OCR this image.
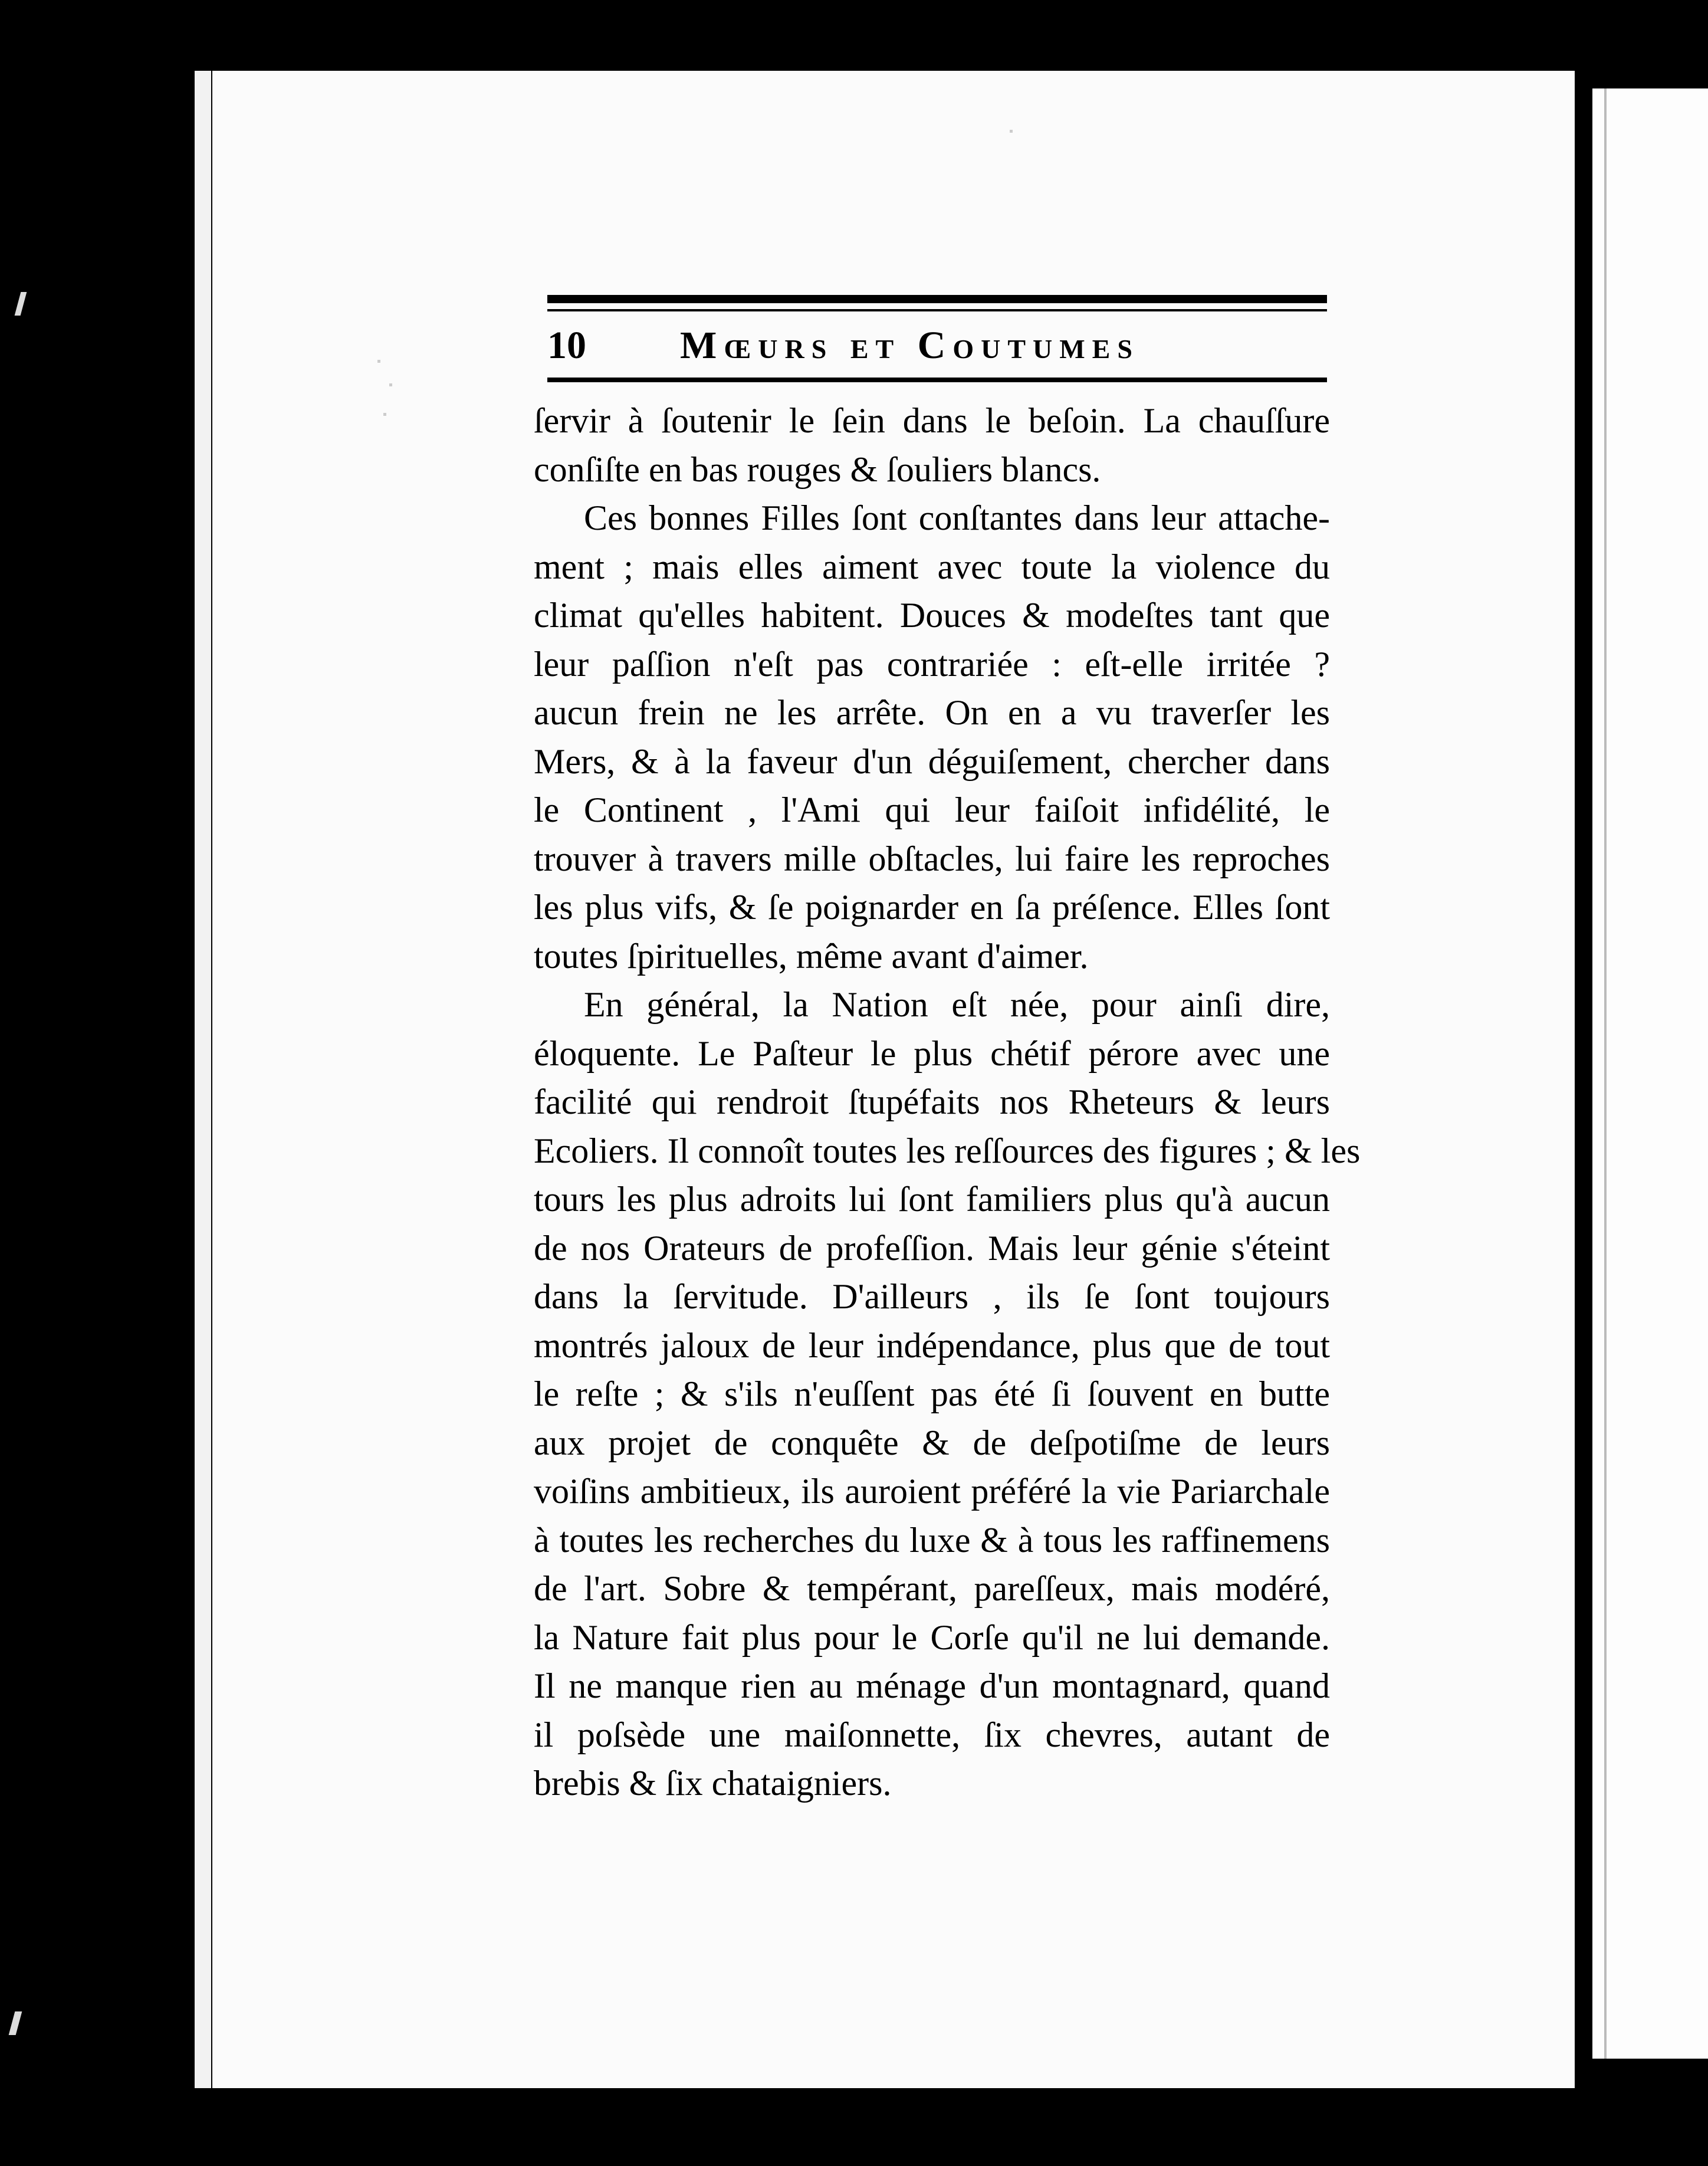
10 Mœurs et Coutumes
ſervir à ſoutenir le ſein dans le beſoin. La chauſſure
conſiſte en bas rouges & ſouliers blancs.
Ces bonnes Filles ſont conſtantes dans leur attache-
ment ; mais elles aiment avec toute la violence du
climat qu'elles habitent. Douces & modeſtes tant que
leur paſſion n'eſt pas contrariée : eſt-elle irritée ?
aucun frein ne les arrête. On en a vu traverſer les
Mers, & à la faveur d'un déguiſement, chercher dans
le Continent , l'Ami qui leur faiſoit infidélité, le
trouver à travers mille obſtacles, lui faire les reproches
les plus vifs, & ſe poignarder en ſa préſence. Elles ſont
toutes ſpirituelles, même avant d'aimer.
En général, la Nation eſt née, pour ainſi dire,
éloquente. Le Paſteur le plus chétif pérore avec une
facilité qui rendroit ſtupéfaits nos Rheteurs & leurs
Ecoliers. Il connoît toutes les reſſources des figures ; & les
tours les plus adroits lui ſont familiers plus qu'à aucun
de nos Orateurs de profeſſion. Mais leur génie s'éteint
dans la ſervitude. D'ailleurs , ils ſe ſont toujours
montrés jaloux de leur indépendance, plus que de tout
le reſte ; & s'ils n'euſſent pas été ſi ſouvent en butte
aux projet de conquête & de deſpotiſme de leurs
voiſins ambitieux, ils auroient préféré la vie Pariarchale
à toutes les recherches du luxe & à tous les raffinemens
de l'art. Sobre & tempérant, pareſſeux, mais modéré,
la Nature fait plus pour le Corſe qu'il ne lui demande.
Il ne manque rien au ménage d'un montagnard, quand
il poſsède une maiſonnette, ſix chevres, autant de
brebis & ſix chataigniers.
